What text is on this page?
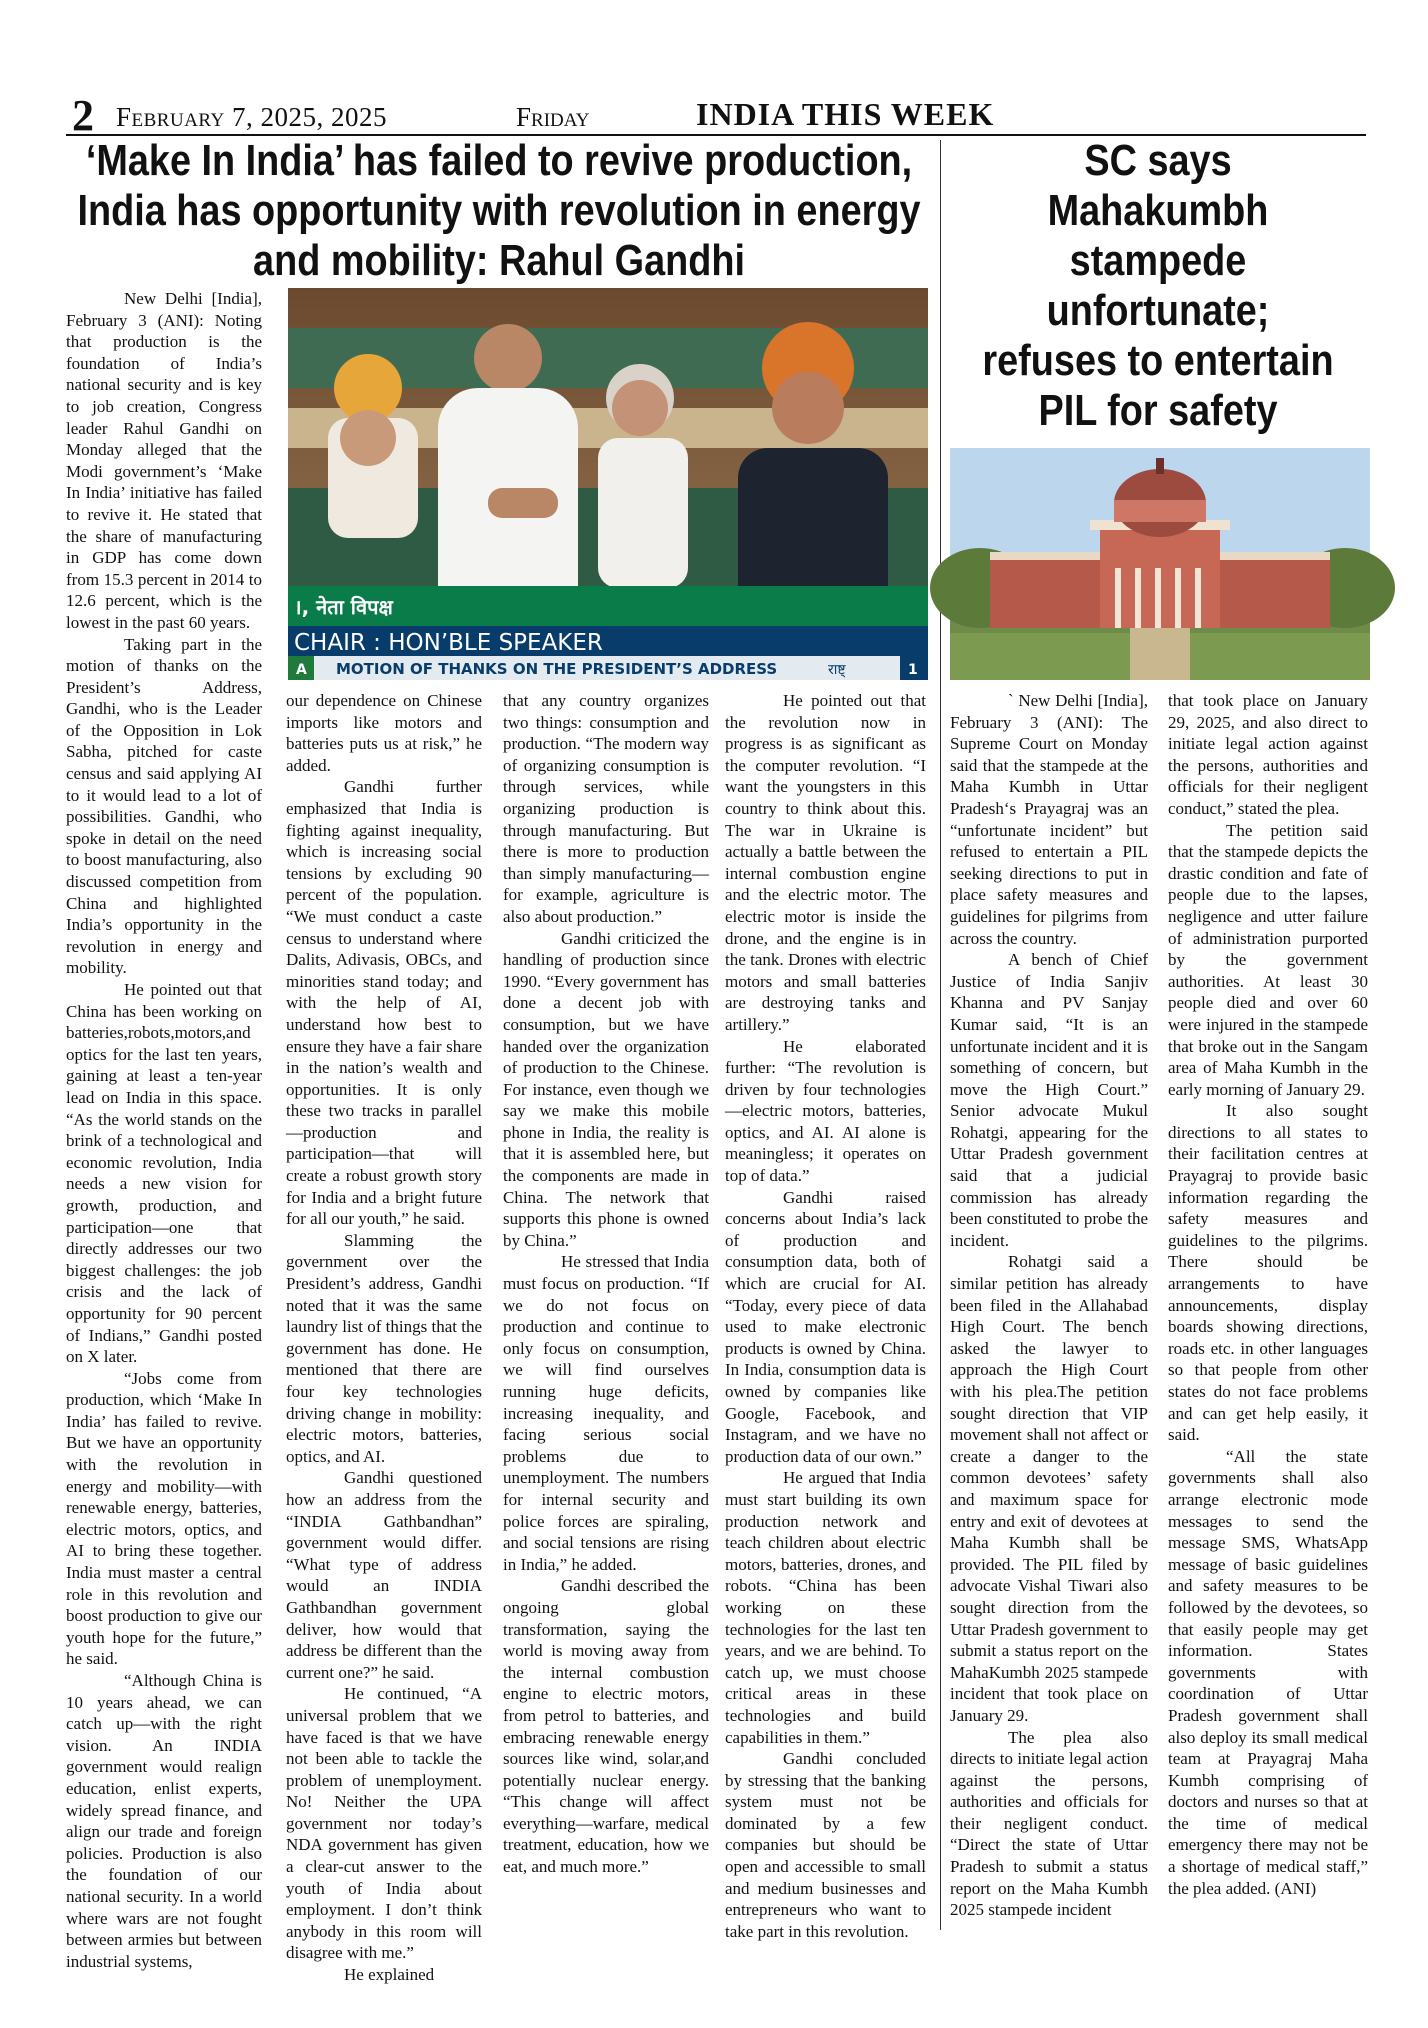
2 February 7, 2025, 2025	Friday	INDIA THIS WEEK
‘Make In India’ has failed to revive production, India has opportunity with revolution in energy and mobility: Rahul Gandhi
SC says Mahakumbh stampede unfortunate; refuses to entertain PIL for safety
।, नेता विपक्ष
CHAIR : HON’BLE SPEAKER
A MOTION OF THANKS ON THE PRESIDENT’S ADDRESS	राष्ट्	1

New Delhi [India], February 3 (ANI): Noting that production is the foundation of India’s national security and is key to job creation, Congress leader Rahul Gandhi on Monday alleged that the Modi government’s ‘Make In India’ initiative has failed to revive it. He stated that the share of manufacturing in GDP has come down from 15.3 percent in 2014 to 12.6 percent, which is the lowest in the past 60 years.

Taking part in the motion of thanks on the President’s Address, Gandhi, who is the Leader of the Opposition in Lok Sabha, pitched for caste census and said applying AI to it would lead to a lot of possibilities. Gandhi, who spoke in detail on the need to boost manufacturing, also discussed competition from China and highlighted India’s opportunity in the revolution in energy and mobility.

He pointed out that China has been working on batteries,robots,motors,and optics for the last ten years, gaining at least a ten-year lead on India in this space. “As the world stands on the brink of a technological and economic revolution, India needs a new vision for growth, production, and participation—one that directly addresses our two biggest challenges: the job crisis and the lack of opportunity for 90 percent of Indians,” Gandhi posted on X later.

“Jobs come from production, which ‘Make In India’ has failed to revive. But we have an opportunity with the revolution in energy and mobility—with renewable energy, batteries, electric motors, optics, and AI to bring these together. India must master a central role in this revolution and boost production to give our youth hope for the future,” he said.

“Although China is 10 years ahead, we can catch up—with the right vision. An INDIA government would realign education, enlist experts, widely spread finance, and align our trade and foreign policies. Production is also the foundation of our national security. In a world where wars are not fought between armies but between industrial systems,

our dependence on Chinese imports like motors and batteries puts us at risk,” he added.

Gandhi further emphasized that India is fighting against inequality, which is increasing social tensions by excluding 90 percent of the population. “We must conduct a caste census to understand where Dalits, Adivasis, OBCs, and minorities stand today; and with the help of AI, understand how best to ensure they have a fair share in the nation’s wealth and opportunities. It is only these two tracks in parallel—production and participation—that will create a robust growth story for India and a bright future for all our youth,” he said.

Slamming the government over the President’s address, Gandhi noted that it was the same laundry list of things that the government has done. He mentioned that there are four key technologies driving change in mobility: electric motors, batteries, optics, and AI.

Gandhi questioned how an address from the “INDIA Gathbandhan” government would differ. “What type of address would an INDIA Gathbandhan government deliver, how would that address be different than the current one?” he said.

He continued, “A universal problem that we have faced is that we have not been able to tackle the problem of unemployment. No! Neither the UPA government nor today’s NDA government has given a clear-cut answer to the youth of India about employment. I don’t think anybody in this room will disagree with me.”

He explained

that any country organizes two things: consumption and production. “The modern way of organizing consumption is through services, while organizing production is through manufacturing. But there is more to production than simply manufacturing—for example, agriculture is also about production.”

Gandhi criticized the handling of production since 1990. “Every government has done a decent job with consumption, but we have handed over the organization of production to the Chinese. For instance, even though we say we make this mobile phone in India, the reality is that it is assembled here, but the components are made in China. The network that supports this phone is owned by China.”

He stressed that India must focus on production. “If we do not focus on production and continue to only focus on consumption, we will find ourselves running huge deficits, increasing inequality, and facing serious social problems due to unemployment. The numbers for internal security and police forces are spiraling, and social tensions are rising in India,” he added.

Gandhi described the ongoing global transformation, saying the world is moving away from the internal combustion engine to electric motors, from petrol to batteries, and embracing renewable energy sources like wind, solar,and potentially nuclear energy. “This change will affect everything—warfare, medical treatment, education, how we eat, and much more.”

He pointed out that the revolution now in progress is as significant as the computer revolution. “I want the youngsters in this country to think about this. The war in Ukraine is actually a battle between the internal combustion engine and the electric motor. The electric motor is inside the drone, and the engine is in the tank. Drones with electric motors and small batteries are destroying tanks and artillery.”

He elaborated further: “The revolution is driven by four technologies—electric motors, batteries, optics, and AI. AI alone is meaningless; it operates on top of data.”

Gandhi raised concerns about India’s lack of production and consumption data, both of which are crucial for AI. “Today, every piece of data used to make electronic products is owned by China. In India, consumption data is owned by companies like Google, Facebook, and Instagram, and we have no production data of our own.”

He argued that India must start building its own production network and teach children about electric motors, batteries, drones, and robots. “China has been working on these technologies for the last ten years, and we are behind. To catch up, we must choose critical areas in these technologies and build capabilities in them.”

Gandhi concluded by stressing that the banking system must not be dominated by a few companies but should be open and accessible to small and medium businesses and entrepreneurs who want to take part in this revolution.

` New Delhi [India], February 3 (ANI): The Supreme Court on Monday said that the stampede at the Maha Kumbh in Uttar Pradesh‘s Prayagraj was an “unfortunate incident” but refused to entertain a PIL seeking directions to put in place safety measures and guidelines for pilgrims from across the country.

A bench of Chief Justice of India Sanjiv Khanna and PV Sanjay Kumar said, “It is an unfortunate incident and it is something of concern, but move the High Court.” Senior advocate Mukul Rohatgi, appearing for the Uttar Pradesh government said that a judicial commission has already been constituted to probe the incident.

Rohatgi said a similar petition has already been filed in the Allahabad High Court. The bench asked the lawyer to approach the High Court with his plea.The petition sought direction that VIP movement shall not affect or create a danger to the common devotees’ safety and maximum space for entry and exit of devotees at Maha Kumbh shall be provided. The PIL filed by advocate Vishal Tiwari also sought direction from the Uttar Pradesh government to submit a status report on the MahaKumbh 2025 stampede incident that took place on January 29.

The plea also directs to initiate legal action against the persons, authorities and officials for their negligent conduct. “Direct the state of Uttar Pradesh to submit a status report on the Maha Kumbh 2025 stampede incident

that took place on January 29, 2025, and also direct to initiate legal action against the persons, authorities and officials for their negligent conduct,” stated the plea.

The petition said that the stampede depicts the drastic condition and fate of people due to the lapses, negligence and utter failure of administration purported by the government authorities. At least 30 people died and over 60 were injured in the stampede that broke out in the Sangam area of Maha Kumbh in the early morning of January 29.

It also sought directions to all states to their facilitation centres at Prayagraj to provide basic information regarding the safety measures and guidelines to the pilgrims. There should be arrangements to have announcements, display boards showing directions, roads etc. in other languages so that people from other states do not face problems and can get help easily, it said.

“All the state governments shall also arrange electronic mode messages to send the message SMS, WhatsApp message of basic guidelines and safety measures to be followed by the devotees, so that easily people may get information. States governments with coordination of Uttar Pradesh government shall also deploy its small medical team at Prayagraj Maha Kumbh comprising of doctors and nurses so that at the time of medical emergency there may not be a shortage of medical staff,” the plea added. (ANI)
